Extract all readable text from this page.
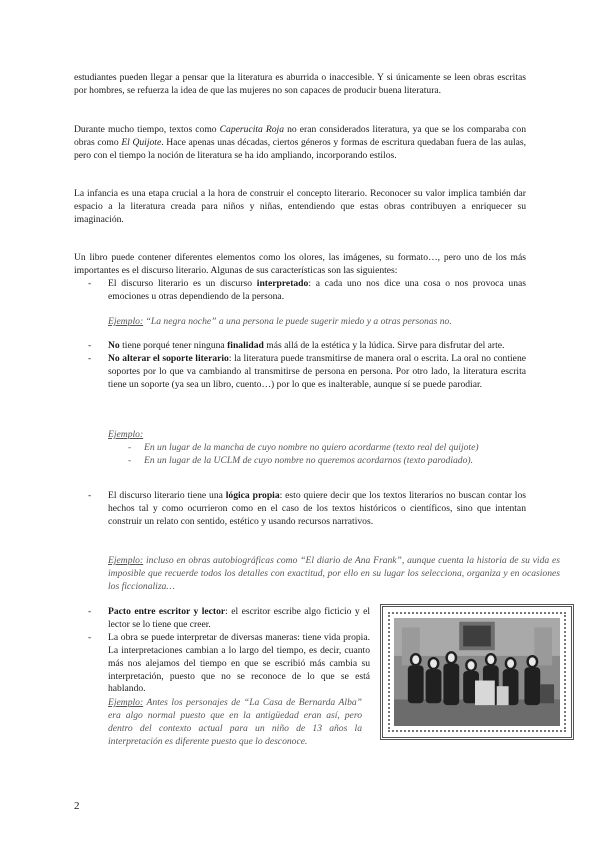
estudiantes pueden llegar a pensar que la literatura es aburrida o inaccesible. Y si únicamente se leen obras escritas por hombres, se refuerza la idea de que las mujeres no son capaces de producir buena literatura.

Durante mucho tiempo, textos como Caperucita Roja no eran considerados literatura, ya que se los comparaba con obras como El Quijote. Hace apenas unas décadas, ciertos géneros y formas de escritura quedaban fuera de las aulas, pero con el tiempo la noción de literatura se ha ido ampliando, incorporando estilos.

La infancia es una etapa crucial a la hora de construir el concepto literario. Reconocer su valor implica también dar espacio a la literatura creada para niños y niñas, entendiendo que estas obras contribuyen a enriquecer su imaginación.

Un libro puede contener diferentes elementos como los olores, las imágenes, su formato…, pero uno de los más importantes es el discurso literario. Algunas de sus características son las siguientes:

- El discurso literario es un discurso interpretado: a cada uno nos dice una cosa o nos provoca unas emociones u otras dependiendo de la persona.

Ejemplo: “La negra noche” a una persona le puede sugerir miedo y a otras personas no.

- No tiene porqué tener ninguna finalidad más allá de la estética y la lúdica. Sirve para disfrutar del arte.
- No alterar el soporte literario: la literatura puede transmitirse de manera oral o escrita. La oral no contiene soportes por lo que va cambiando al transmitirse de persona en persona. Por otro lado, la literatura escrita tiene un soporte (ya sea un libro, cuento…) por lo que es inalterable, aunque sí se puede parodiar.

Ejemplo:

- En un lugar de la mancha de cuyo nombre no quiero acordarme (texto real del quijote)
- En un lugar de la UCLM de cuyo nombre no queremos acordarnos (texto parodiado).
- El discurso literario tiene una lógica propia: esto quiere decir que los textos literarios no buscan contar los hechos tal y como ocurrieron como en el caso de los textos históricos o científicos, sino que intentan construir un relato con sentido, estético y usando recursos narrativos.

Ejemplo: incluso en obras autobiográficas como “El diario de Ana Frank”, aunque cuenta la historia de su vida es imposible que recuerde todos los detalles con exactitud, por ello en su lugar los selecciona, organiza y en ocasiones los ficcionaliza…

- Pacto entre escritor y lector: el escritor escribe algo ficticio y el lector se lo tiene que creer.
- La obra se puede interpretar de diversas maneras: tiene vida propia. La interpretaciones cambian a lo largo del tiempo, es decir, cuanto más nos alejamos del tiempo en que se escribió más cambia su interpretación, puesto que no se reconoce de lo que se está hablando.

Ejemplo: Antes los personajes de “La Casa de Bernarda Alba” era algo normal puesto que en la antigüedad eran así, pero dentro del contexto actual para un niño de 13 años la interpretación es diferente puesto que lo desconoce.

2
